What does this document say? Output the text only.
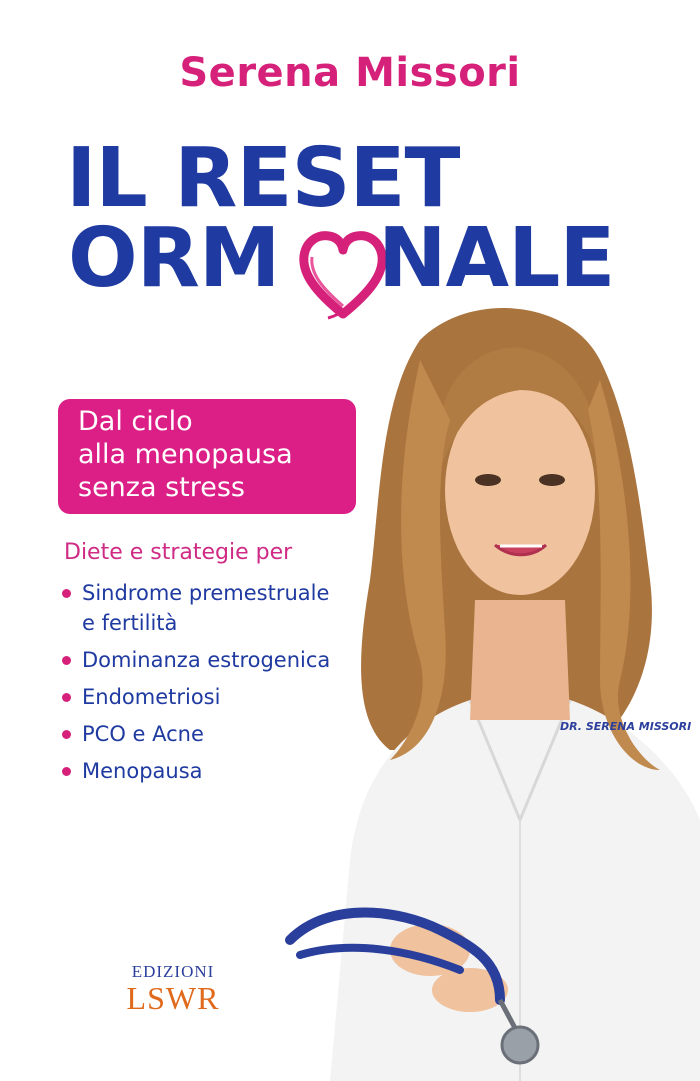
Serena Missori
IL RESET
ORM NALE
DR. SERENA MISSORI
Dal ciclo
alla menopausa
senza stress
Diete e strategie per
Sindrome premestruale
e fertilità
Dominanza estrogenica
Endometriosi
PCO e Acne
Menopausa
EDIZIONI
LSWR
